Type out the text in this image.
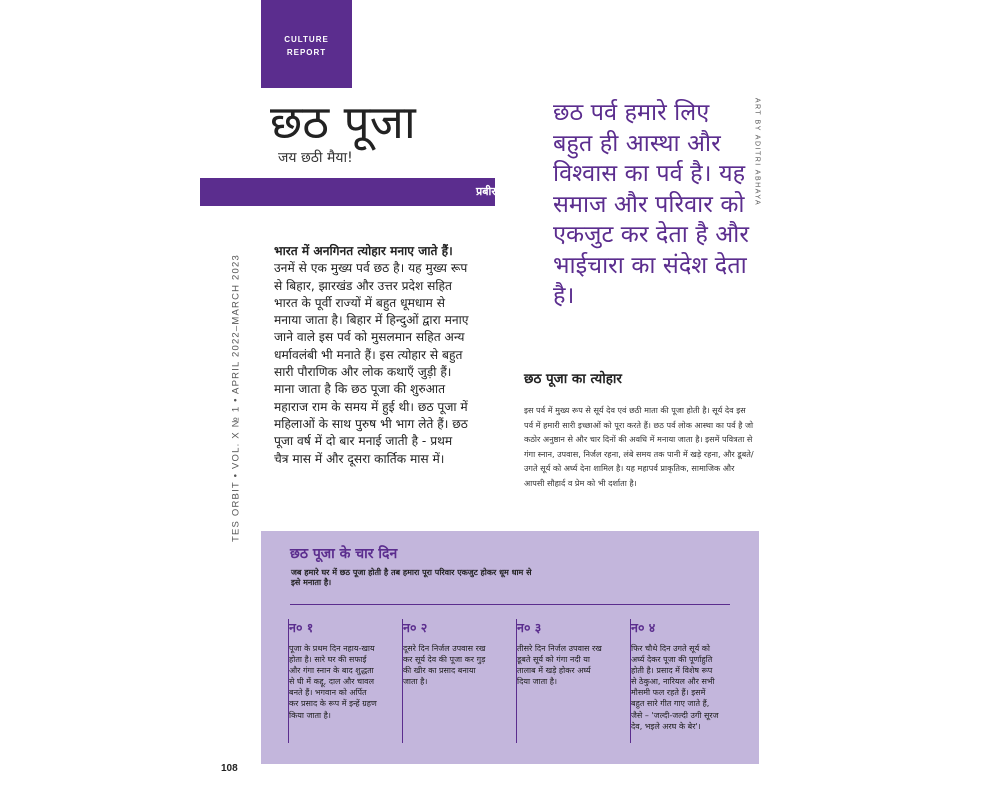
CULTURE
REPORT
छठ पूजा

जय छठी मैया!

प्रबीर किशन | छात्र
TES ORBIT • VOL. X № 1 • APRIL 2022–MARCH 2023
ART BY ADITRI ABHAYA

भारत में अनगिनत त्योहार मनाए जाते हैं। उनमें से एक मुख्य पर्व छठ है। यह मुख्य रूप से बिहार, झारखंड और उत्तर प्रदेश सहित भारत के पूर्वी राज्यों में बहुत धूमधाम से मनाया जाता है। बिहार में हिन्दुओं द्वारा मनाए जाने वाले इस पर्व को मुसलमान सहित अन्य धर्मावलंबी भी मनाते हैं। इस त्योहार से बहुत सारी पौराणिक और लोक कथाएँ जुड़ी हैं। माना जाता है कि छठ पूजा की शुरुआत महाराज राम के समय में हुई थी। छठ पूजा में महिलाओं के साथ पुरुष भी भाग लेते हैं। छठ पूजा वर्ष में दो बार मनाई जाती है - प्रथम चैत्र मास में और दूसरा कार्तिक मास में।

छठ पर्व हमारे लिए बहुत ही आस्था और विश्वास का पर्व है। यह समाज और परिवार को एकजुट कर देता है और भाईचारा का संदेश देता है।

छठ पूजा का त्योहार

इस पर्व में मुख्य रूप से सूर्य देव एवं छठी माता की पूजा होती है। सूर्य देव इस पर्व में हमारी सारी इच्छाओं को पूरा करते हैं। छठ पर्व लोक आस्था का पर्व है जो कठोर अनुष्ठान से और चार दिनों की अवधि में मनाया जाता है। इसमें पवित्रता से गंगा स्नान, उपवास, निर्जल रहना, लंबे समय तक पानी में खड़े रहना, और डूबते/उगते सूर्य को अर्घ्य देना शामिल है। यह महापर्व प्राकृतिक, सामाजिक और आपसी सौहार्द व प्रेम को भी दर्शाता है।

छठ पूजा के चार दिन

जब हमारे घर में छठ पूजा होती है तब हमारा पूरा परिवार एकजुट होकर धूम धाम से इसे मनाता है।

न० १

पूजा के प्रथम दिन नहाय-खाय होता है। सारे घर की सफाई और गंगा स्नान के बाद शुद्धता से घी में कद्दू, दाल और चावल बनते हैं। भगवान को अर्पित कर प्रसाद के रूप में इन्हें ग्रहण किया जाता है।

न० २

दूसरे दिन निर्जल उपवास रख कर सूर्य देव की पूजा कर गुड़ की खीर का प्रसाद बनाया जाता है।

न० ३

तीसरे दिन निर्जल उपवास रख डूबते सूर्य को गंगा नदी या तालाब में खड़े होकर अर्घ्य दिया जाता है।

न० ४

फिर चौथे दिन उगते सूर्य को अर्घ्य देकर पूजा की पूर्णाहुति होती है। प्रसाद में विशेष रूप से ठेकुआ, नारियल और सभी मौसमी फल रहते हैं। इसमें बहुत सारे गीत गाए जाते हैं, जैसे – 'जल्दी-जल्दी उगी सूरज देव, भइले अरघ के बेर'।

108
